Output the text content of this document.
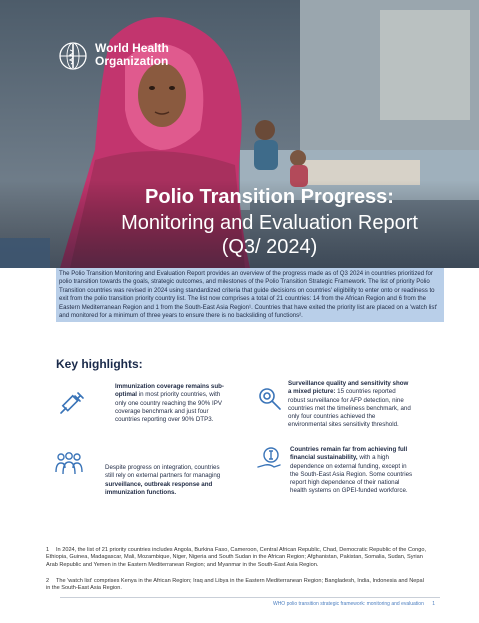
World Health
Organization
Polio Transition Progress:
Monitoring and Evaluation Report
(Q3/ 2024)
The Polio Transition Monitoring and Evaluation Report provides an overview of the progress made as of Q3 2024 in countries prioritized for polio transition towards the goals, strategic outcomes, and milestones of the Polio Transition Strategic Framework. The list of priority Polio Transition countries was revised in 2024 using standardized criteria that guide decisions on countries' eligibility to enter onto or readiness to exit from the polio transition priority country list. The list now comprises a total of 21 countries: 14 from the African Region and 6 from the Eastern Mediterranean Region and 1 from the South-East Asia Region¹. Countries that have exited the priority list are placed on a 'watch list' and monitored for a minimum of three years to ensure there is no backsliding of functions².
Key highlights:
Immunization coverage remains sub-optimal in most priority countries, with only one country reaching the 90% IPV coverage benchmark and just four countries reporting over 90% DTP3.
Surveillance quality and sensitivity show a mixed picture: 15 countries reported robust surveillance for AFP detection, nine countries met the timeliness benchmark, and only four countries achieved the environmental sites sensitivity threshold.
Despite progress on integration, countries still rely on external partners for managing surveillance, outbreak response and immunization functions.
Countries remain far from achieving full financial sustainability, with a high dependence on external funding, except in the South-East Asia Region. Some countries report high dependence of their national health systems on GPEI-funded workforce.
1 In 2024, the list of 21 priority countries includes Angola, Burkina Faso, Cameroon, Central African Republic, Chad, Democratic Republic of the Congo, Ethiopia, Guinea, Madagascar, Mali, Mozambique, Niger, Nigeria and South Sudan in the African Region; Afghanistan, Pakistan, Somalia, Sudan, Syrian Arab Republic and Yemen in the Eastern Mediterranean Region; and Myanmar in the South-East Asia Region.
2 The 'watch list' comprises Kenya in the African Region; Iraq and Libya in the Eastern Mediterranean Region; Bangladesh, India, Indonesia and Nepal in the South-East Asia Region.
WHO polio transition strategic framework: monitoring and evaluation 1
